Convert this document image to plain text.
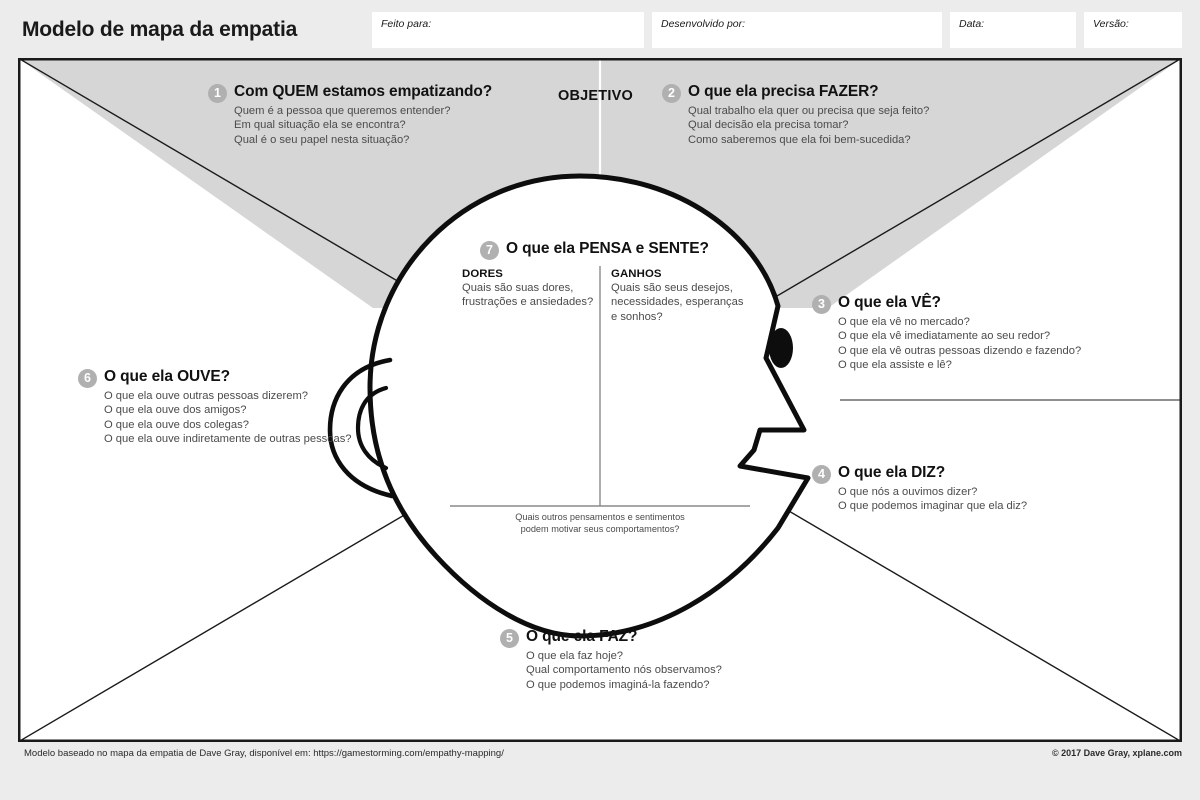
Modelo de mapa da empatia	Feito para:	Desenvolvido por:	Data:	Versão:
1 Com QUEM estamos empatizando?
Quem é a pessoa que queremos entender?
Em qual situação ela se encontra?
Qual é o seu papel nesta situação?
OBJETIVO	2 O que ela precisa FAZER?
Qual trabalho ela quer ou precisa que seja feito?
Qual decisão ela precisa tomar?
Como saberemos que ela foi bem-sucedida?
3 O que ela VÊ?
O que ela vê no mercado?
O que ela vê imediatamente ao seu redor?
O que ela vê outras pessoas dizendo e fazendo?
O que ela assiste e lê?
4 O que ela DIZ?
O que nós a ouvimos dizer?
O que podemos imaginar que ela diz?
5 O que ela FAZ?
O que ela faz hoje?
Qual comportamento nós observamos?
O que podemos imaginá-la fazendo?
6 O que ela OUVE?
O que ela ouve outras pessoas dizerem?
O que ela ouve dos amigos?
O que ela ouve dos colegas?
O que ela ouve indiretamente de outras pessoas?
7 O que ela PENSA e SENTE?
DORES

Quais são suas dores, frustrações e ansiedades?

GANHOS

Quais são seus desejos, necessidades, esperanças e sonhos?

Quais outros pensamentos e sentimentos
podem motivar seus comportamentos?
Modelo baseado no mapa da empatia de Dave Gray, disponível em: https://gamestorming.com/empathy-mapping/	© 2017 Dave Gray, xplane.com
